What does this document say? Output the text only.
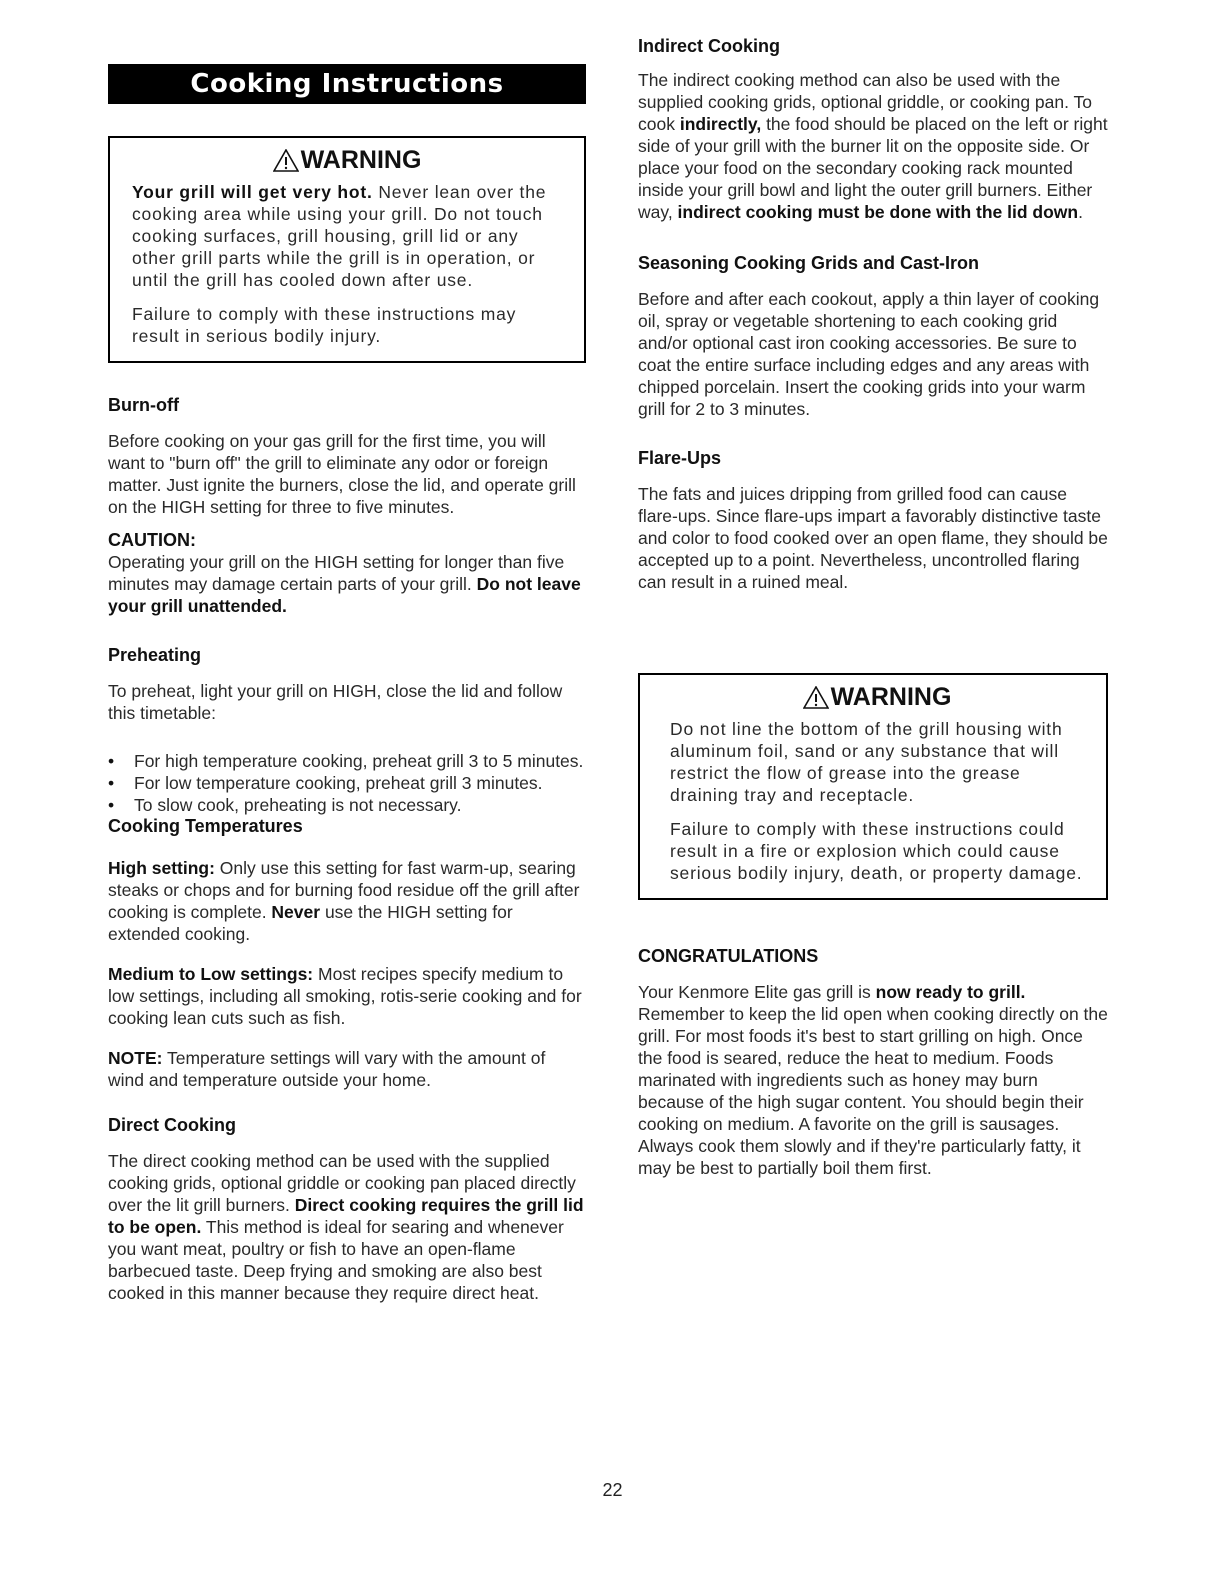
Cooking Instructions
WARNING

Your grill will get very hot. Never lean over the cooking area while using your grill. Do not touch cooking surfaces, grill housing, grill lid or any other grill parts while the grill is in operation, or until the grill has cooled down after use.

Failure to comply with these instructions may result in serious bodily injury.

Burn-off

Before cooking on your gas grill for the first time, you will want to "burn off" the grill to eliminate any odor or foreign matter. Just ignite the burners, close the lid, and operate grill on the HIGH setting for three to five minutes.

CAUTION:

Operating your grill on the HIGH setting for longer than five minutes may damage certain parts of your grill. Do not leave your grill unattended.

Preheating

To preheat, light your grill on HIGH, close the lid and follow this timetable:

• For high temperature cooking, preheat grill 3 to 5 minutes.
• For low temperature cooking, preheat grill 3 minutes.
• To slow cook, preheating is not necessary.
Cooking Temperatures

High setting: Only use this setting for fast warm-up, searing steaks or chops and for burning food residue off the grill after cooking is complete. Never use the HIGH setting for extended cooking.

Medium to Low settings: Most recipes specify medium to low settings, including all smoking, rotis-serie cooking and for cooking lean cuts such as fish.

NOTE: Temperature settings will vary with the amount of wind and temperature outside your home.

Direct Cooking

The direct cooking method can be used with the supplied cooking grids, optional griddle or cooking pan placed directly over the lit grill burners. Direct cooking requires the grill lid to be open. This method is ideal for searing and whenever you want meat, poultry or fish to have an open-flame barbecued taste. Deep frying and smoking are also best cooked in this manner because they require direct heat.

Indirect Cooking

The indirect cooking method can also be used with the supplied cooking grids, optional griddle, or cooking pan. To cook indirectly, the food should be placed on the left or right side of your grill with the burner lit on the opposite side. Or place your food on the secondary cooking rack mounted inside your grill bowl and light the outer grill burners. Either way, indirect cooking must be done with the lid down.

Seasoning Cooking Grids and Cast-Iron

Before and after each cookout, apply a thin layer of cooking oil, spray or vegetable shortening to each cooking grid and/or optional cast iron cooking accessories. Be sure to coat the entire surface including edges and any areas with chipped porcelain. Insert the cooking grids into your warm grill for 2 to 3 minutes.

Flare-Ups

The fats and juices dripping from grilled food can cause flare-ups. Since flare-ups impart a favorably distinctive taste and color to food cooked over an open flame, they should be accepted up to a point. Nevertheless, uncontrolled flaring can result in a ruined meal.

WARNING

Do not line the bottom of the grill housing with aluminum foil, sand or any substance that will restrict the flow of grease into the grease draining tray and receptacle.

Failure to comply with these instructions could result in a fire or explosion which could cause serious bodily injury, death, or property damage.

CONGRATULATIONS

Your Kenmore Elite gas grill is now ready to grill. Remember to keep the lid open when cooking directly on the grill. For most foods it's best to start grilling on high. Once the food is seared, reduce the heat to medium. Foods marinated with ingredients such as honey may burn because of the high sugar content. You should begin their cooking on medium. A favorite on the grill is sausages. Always cook them slowly and if they're particularly fatty, it may be best to partially boil them first.

22
